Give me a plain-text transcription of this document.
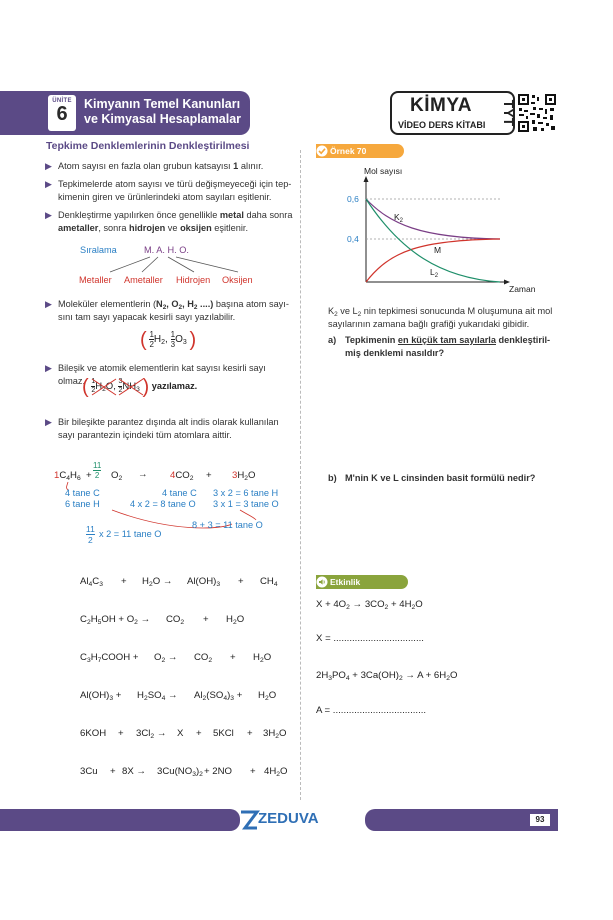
ÜNİTE
6	Kimyanın Temel Kanunları
ve Kimyasal Hesaplamalar
KİMYA
VİDEO DERS KİTABI TYT
Tepkime Denklemlerinin Denkleştirilmesi
▶ Atom sayısı en fazla olan grubun katsayısı 1 alınır.
▶ Tepkimelerde atom sayısı ve türü değişmeyeceği için tep-
kimenin giren ve ürünlerindeki atom sayıları eşitlenir.
▶ Denkleştirme yapılırken önce genellikle metal daha sonra
ametaller, sonra hidrojen ve oksijen eşitlenir.
Sıralama	M. A. H. O.
Metaller Ametaller Hidrojen Oksijen
▶ Moleküler elementlerin ($N_2$, $O_2$, $H_2$ ....) başına atom sayı-
sını tam sayı yapacak kesirli sayı yazılabilir.
( $\frac{1}{2} H_2$, $\frac{1}{3} O_3$ )
▶ Bileşik ve atomik elementlerin kat sayısı kesirli sayı olmaz.
( $\frac{1}{2} H_2O$,
$\frac{3}{2} NH_3$ ) yazılamaz.
▶ Bir bileşikte parantez dışında alt indis olarak kullanılan
sayı parantezin içindeki tüm atomlara aittir.
$1C_4H_6$ +
11
2 $O_2 \to 4CO_2 + 3H_2O$
4 tane C
6 tane H
4 tane C
4 x 2 = 8 tane O
3 x 2 = 6 tane H
3 x 1 = 3 tane O
8 + 3 = 11 tane O
11
2
x 2 = 11 tane O
$Al_4C_3 + H_2O \to Al(OH)_3 + CH_4$
$C_2H_5OH + O_2 \to CO_2 + H_2O$
$C_3H_7COOH + O_2 \to CO_2 + H_2O$
$Al(OH)_3 + H_2SO_4 \to Al_2(SO_4)_3 + H_2O$
$6KOH + 3Cl_2 \to X + 5KCl + 3H_2O$
$3Cu + 8X \to 3Cu(NO_3)_2 + 2NO + 4H_2O$
Örnek 70
Mol sayısı
Zaman
0,6
0,4
$K_2$
M
$L_2$
$K_2$ ve $L_2$ nin tepkimesi sonucunda M oluşumuna ait mol
sayılarının zamana bağlı grafiği yukarıdaki gibidir.
a) Tepkimenin en küçük tam sayılarla denkleştiril-
miş denklemi nasıldır?
b) M'nin K ve L cinsinden basit formülü nedir?
Etkinlik
$X + 4O_2 \to 3CO_2 + 4H_2O$
X = ..................................
$2H_3PO_4 + 3Ca(OH)_2 \to A + 6H_2O$
A = ...................................
ZEDUVA	93
